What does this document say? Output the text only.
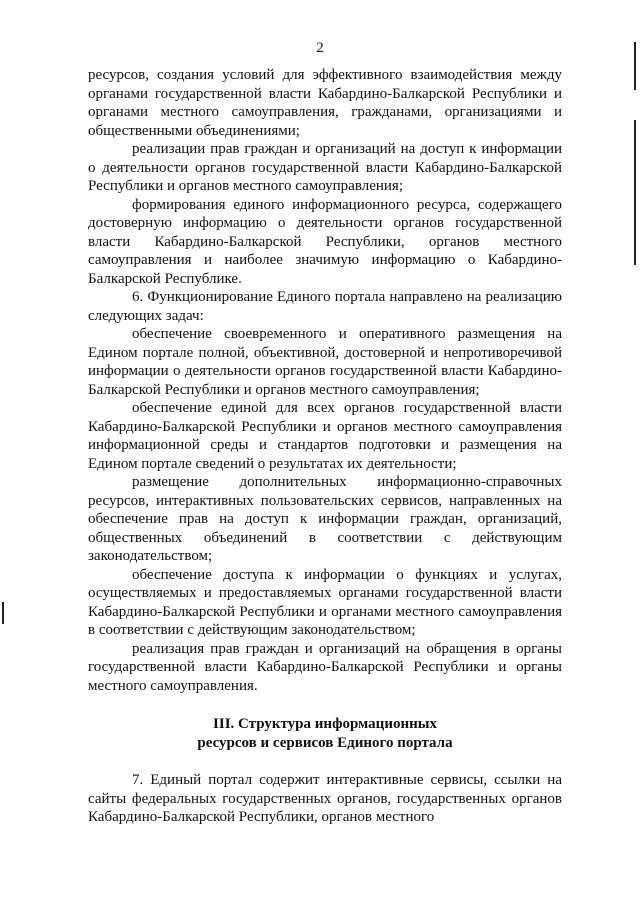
2

ресурсов, создания условий для эффективного взаимодействия между органами государственной власти Кабардино-Балкарской Республики и органами местного самоуправления, гражданами, организациями и общественными объединениями;

реализации прав граждан и организаций на доступ к информации о деятельности органов государственной власти Кабардино-Балкарской Республики и органов местного самоуправления;

формирования единого информационного ресурса, содержащего достоверную информацию о деятельности органов государственной власти Кабардино-Балкарской Республики, органов местного самоуправления и наиболее значимую информацию о Кабардино-Балкарской Республике.

6. Функционирование Единого портала направлено на реализацию следующих задач:

обеспечение своевременного и оперативного размещения на Едином портале полной, объективной, достоверной и непротиворечивой информации о деятельности органов государственной власти Кабардино-Балкарской Республики и органов местного самоуправления;

обеспечение единой для всех органов государственной власти Кабардино-Балкарской Республики и органов местного самоуправления информационной среды и стандартов подготовки и размещения на Едином портале сведений о результатах их деятельности;

размещение дополнительных информационно-справочных ресурсов, интерактивных пользовательских сервисов, направленных на обеспечение прав на доступ к информации граждан, организаций, общественных объединений в соответствии с действующим законодательством;

обеспечение доступа к информации о функциях и услугах, осуществляемых и предоставляемых органами государственной власти Кабардино-Балкарской Республики и органами местного самоуправления в соответствии с действующим законодательством;

реализация прав граждан и организаций на обращения в органы государственной власти Кабардино-Балкарской Республики и органы местного самоуправления.

III. Структура информационных
ресурсов и сервисов Единого портала

7. Единый портал содержит интерактивные сервисы, ссылки на сайты федеральных государственных органов, государственных органов Кабардино-Балкарской Республики, органов местного
